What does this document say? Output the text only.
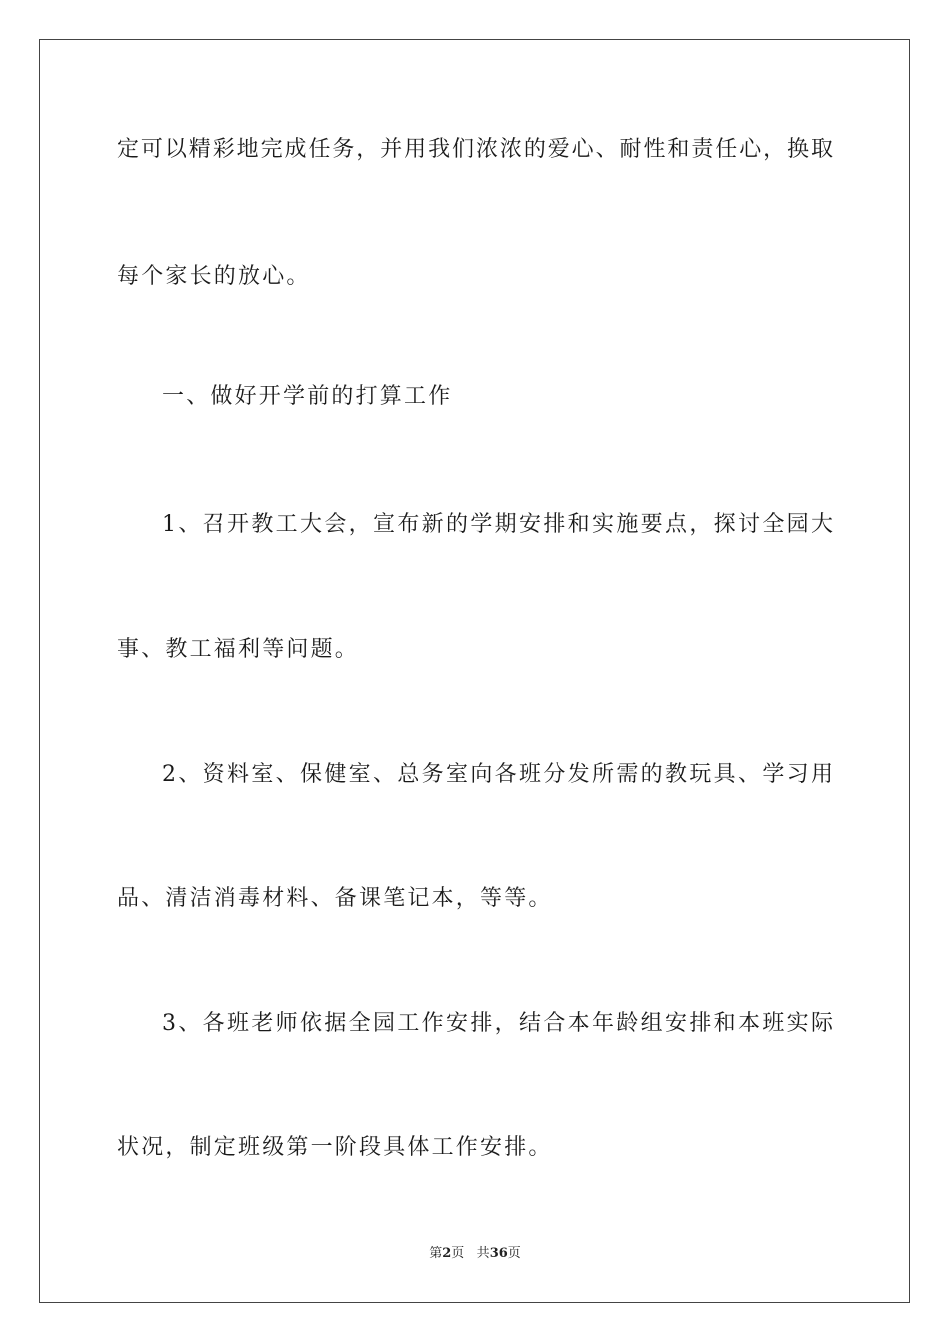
定可以精彩地完成任务，并用我们浓浓的爱心、耐性和责任心，换取
每个家长的放心。
一、做好开学前的打算工作
1、召开教工大会，宣布新的学期安排和实施要点，探讨全园大
事、教工福利等问题。
2、资料室、保健室、总务室向各班分发所需的教玩具、学习用
品、清洁消毒材料、备课笔记本，等等。
3、各班老师依据全园工作安排，结合本年龄组安排和本班实际
状况，制定班级第一阶段具体工作安排。
第2页 共36页
